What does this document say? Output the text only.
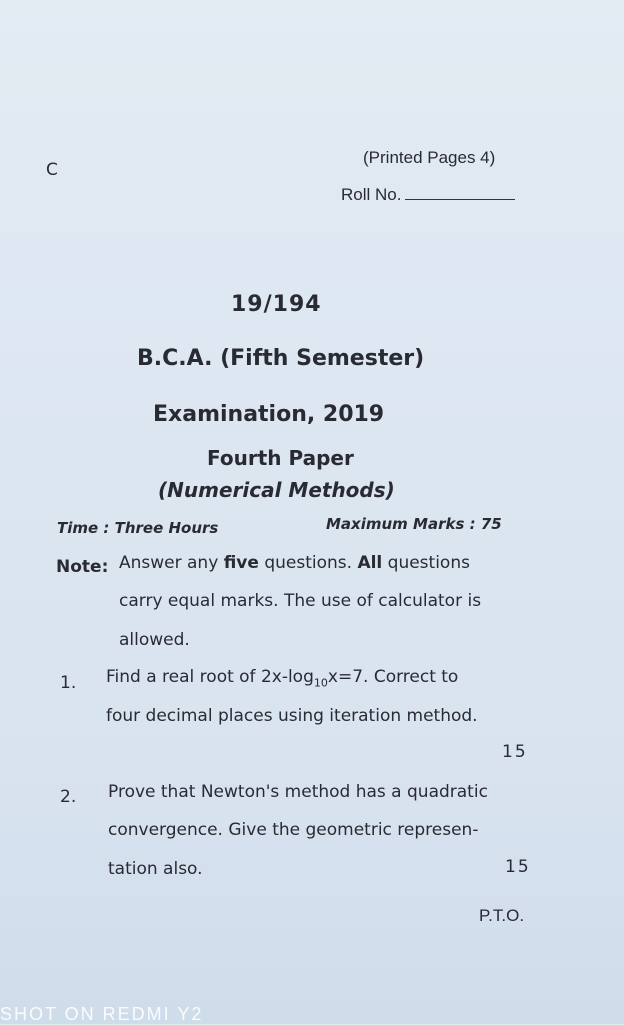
C
(Printed Pages 4)
Roll No.
19/194
B.C.A. (Fifth Semester)
Examination, 2019
Fourth Paper
(Numerical Methods)
Time : Three Hours	Maximum Marks : 75
Note: Answer any five questions. All questions
carry equal marks. The use of calculator is
allowed.
1. Find a real root of $2x-\log_{10}x=7$. Correct to
four decimal places using iteration method.
15
2. Prove that Newton's method has a quadratic
convergence. Give the geometric represen-
tation also.	15
P.T.O.
SHOT ON REDMI Y2
